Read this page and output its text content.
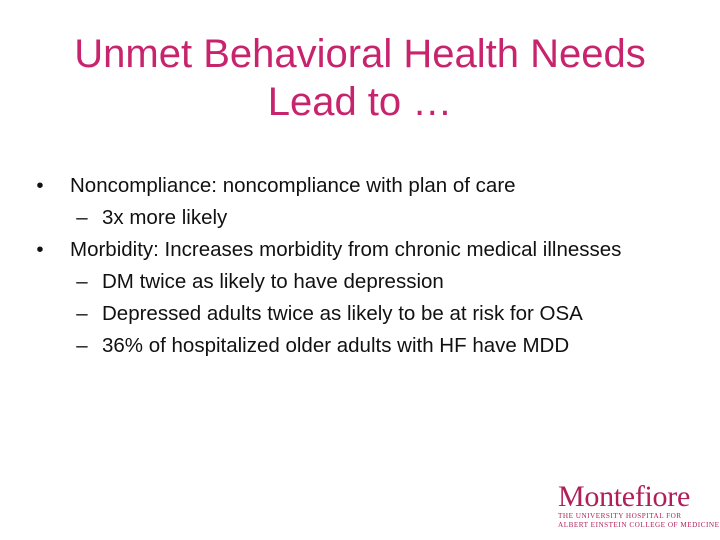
Unmet Behavioral Health Needs
Lead to …

•	Noncompliance: noncompliance with plan of care

– 3x more likely

•	Morbidity: Increases morbidity from chronic medical illnesses

– DM twice as likely to have depression

– Depressed adults twice as likely to be at risk for OSA

– 36% of hospitalized older adults with HF have MDD

Montefiore
THE UNIVERSITY HOSPITAL FOR
ALBERT EINSTEIN COLLEGE OF MEDICINE
